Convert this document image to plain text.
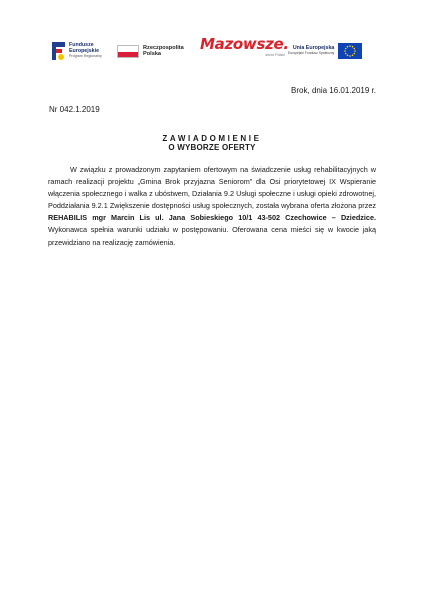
Fundusze
Europejskie
Program Regionalny
Rzeczpospolita
Polska
Mazowsze.
serce Polski
Unia Europejska
Europejski Fundusz Społeczny
Brok, dnia 16.01.2019 r.
Nr 042.1.2019
ZAWIADOMIENIE
O WYBORZE OFERTY

W związku z prowadzonym zapytaniem ofertowym na świadczenie usług rehabilitacyjnych w ramach realizacji projektu „Gmina Brok przyjazna Seniorom” dla Osi priorytetowej IX Wspieranie włączenia społecznego i walka z ubóstwem, Działania 9.2 Usługi społeczne i usługi opieki zdrowotnej, Poddziałania 9.2.1 Zwiększenie dostępności usług społecznych, została wybrana oferta złożona przez REHABILIS mgr Marcin Lis ul. Jana Sobieskiego 10/1 43-502 Czechowice – Dziedzice. Wykonawca spełnia warunki udziału w postępowaniu. Oferowana cena mieści się w kwocie jaką przewidziano na realizację zamówienia.
